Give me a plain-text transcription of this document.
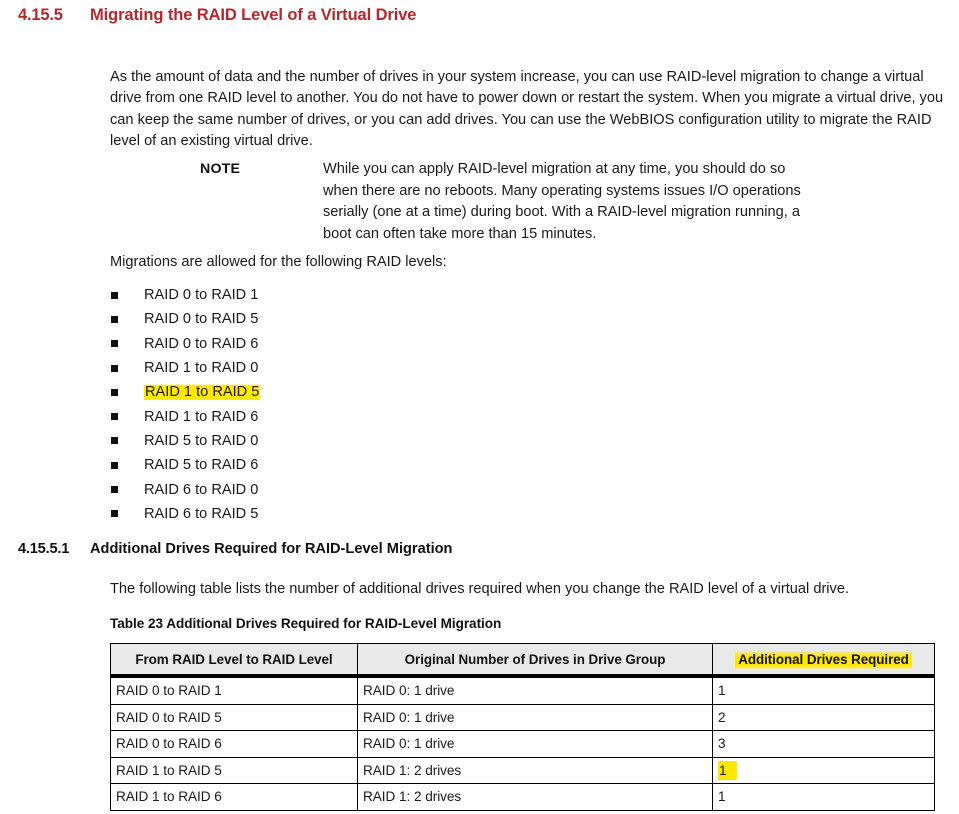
4.15.5	Migrating the RAID Level of a Virtual Drive

As the amount of data and the number of drives in your system increase, you can use RAID-level migration to change a virtual drive from one RAID level to another. You do not have to power down or restart the system. When you migrate a virtual drive, you can keep the same number of drives, or you can add drives. You can use the WebBIOS configuration utility to migrate the RAID level of an existing virtual drive.

NOTE	While you can apply RAID-level migration at any time, you should do so when there are no reboots. Many operating systems issues I/O operations serially (one at a time) during boot. With a RAID-level migration running, a boot can often take more than 15 minutes.
Migrations are allowed for the following RAID levels:
RAID 0 to RAID 1
RAID 0 to RAID 5
RAID 0 to RAID 6
RAID 1 to RAID 0
RAID 1 to RAID 5
RAID 1 to RAID 6
RAID 5 to RAID 0
RAID 5 to RAID 6
RAID 6 to RAID 0
RAID 6 to RAID 5
4.15.5.1	Additional Drives Required for RAID-Level Migration

The following table lists the number of additional drives required when you change the RAID level of a virtual drive.

Table 23 Additional Drives Required for RAID-Level Migration
From RAID Level to RAID Level	Original Number of Drives in Drive Group	Additional Drives Required
RAID 0 to RAID 1	RAID 0: 1 drive	1
RAID 0 to RAID 5	RAID 0: 1 drive	2
RAID 0 to RAID 6	RAID 0: 1 drive	3
RAID 1 to RAID 5	RAID 1: 2 drives	1
RAID 1 to RAID 6	RAID 1: 2 drives	1
